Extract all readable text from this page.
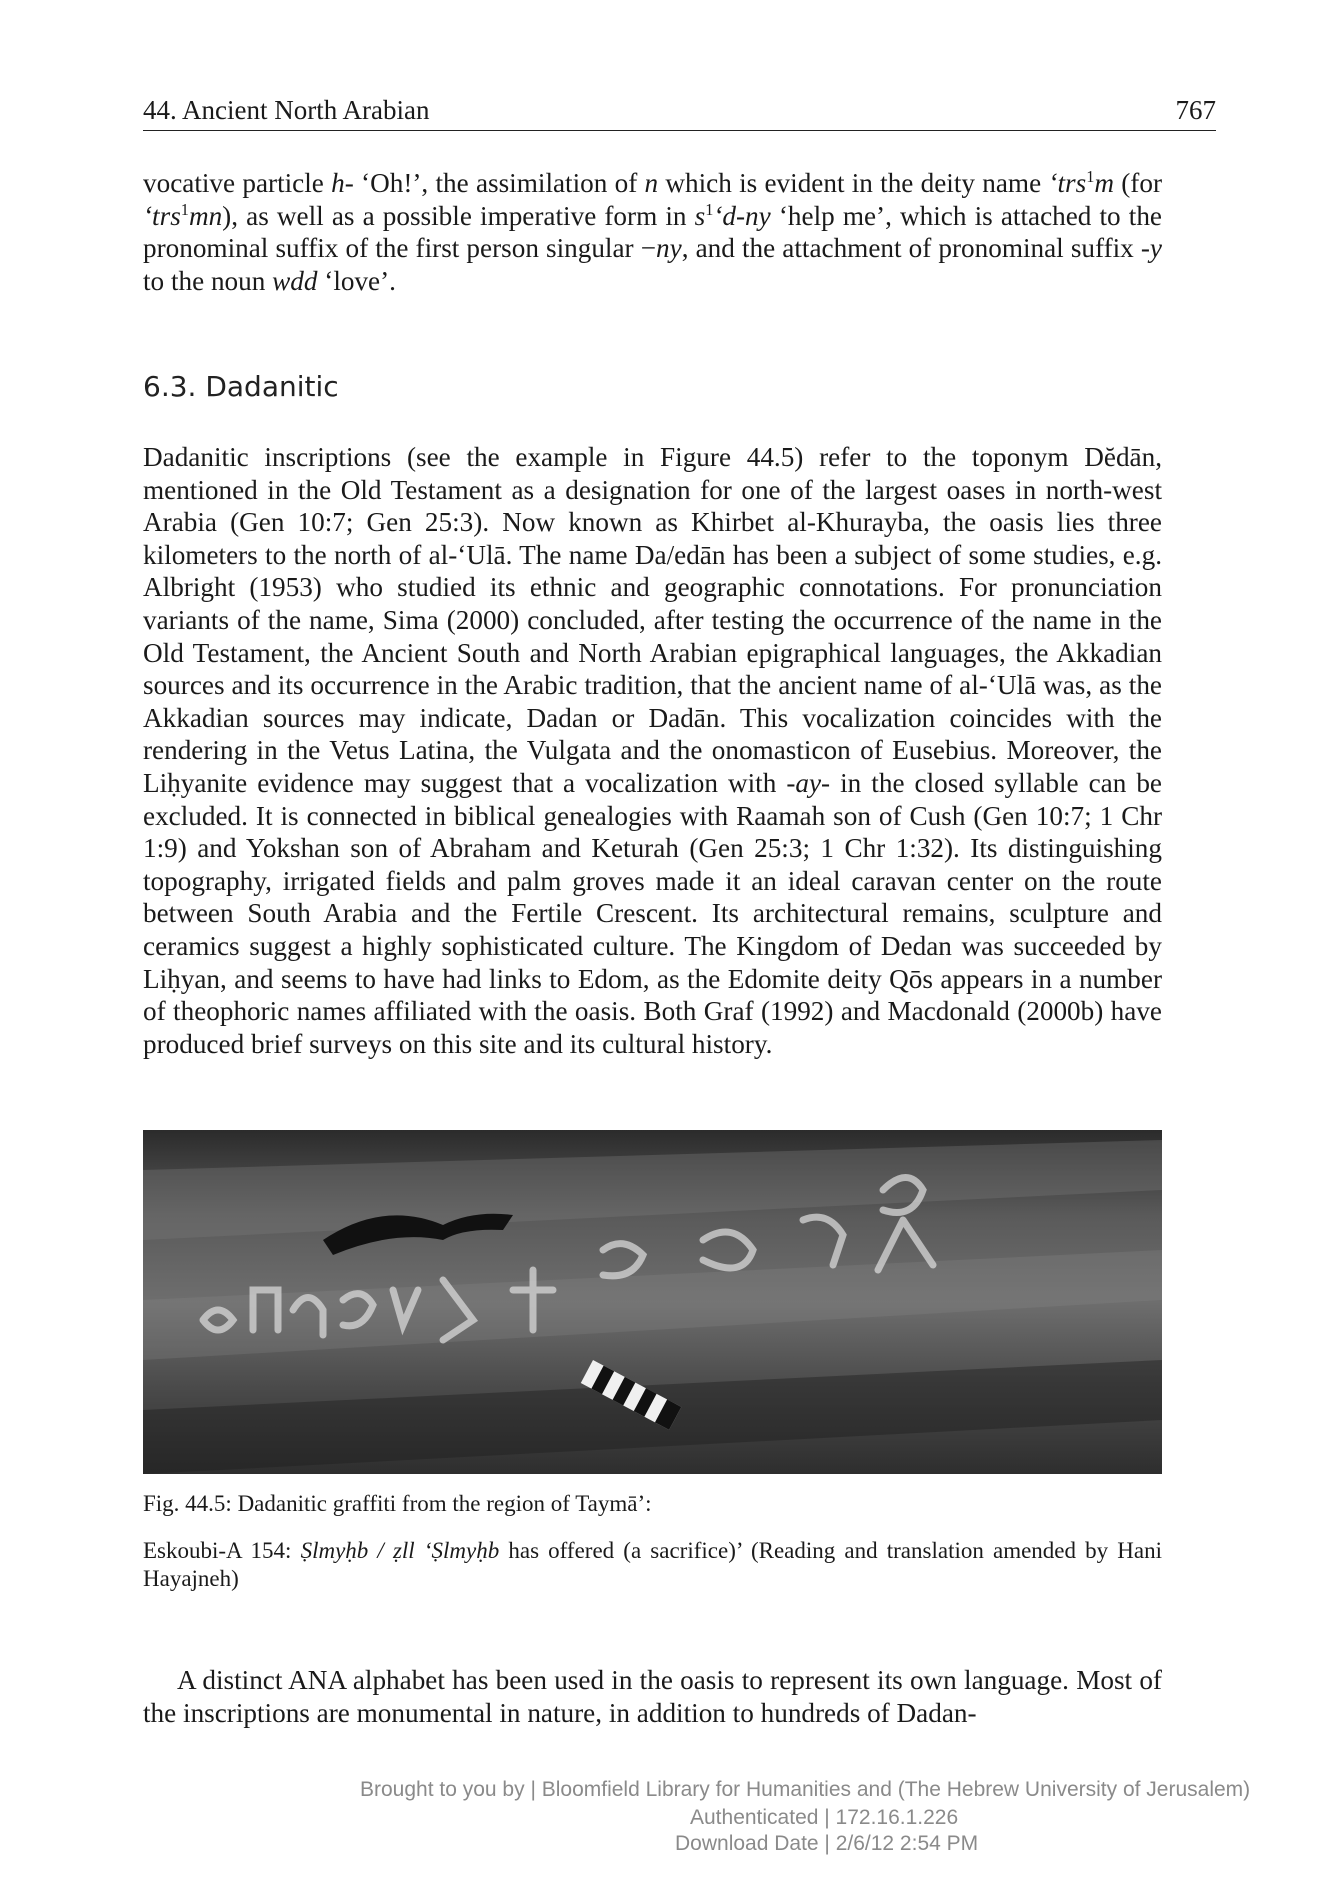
44. Ancient North Arabian	767

vocative particle h- ‘Oh!’, the assimilation of n which is evident in the deity name ‘trs$^1$m (for ‘trs$^1$mn), as well as a possible imperative form in $s^1‘d-ny$ ‘help me’, which is attached to the pronominal suffix of the first person singular −ny, and the attachment of pronominal suffix -y to the noun wdd ‘love’.

6.3. Dadanitic

Dadanitic inscriptions (see the example in Figure 44.5) refer to the toponym Dĕdān, mentioned in the Old Testament as a designation for one of the largest oases in north-west Arabia (Gen 10:7; Gen 25:3). Now known as Khirbet al-Khurayba, the oasis lies three kilometers to the north of al-‘Ulā. The name Da/edān has been a subject of some studies, e.g. Albright (1953) who studied its ethnic and geographic connotations. For pronunciation variants of the name, Sima (2000) concluded, after testing the occurrence of the name in the Old Testament, the Ancient South and North Arabian epigraphical languages, the Akkadian sources and its occurrence in the Arabic tradition, that the ancient name of al-‘Ulā was, as the Akkadian sources may indicate, Dadan or Dadān. This vocalization coincides with the rendering in the Vetus Latina, the Vulgata and the onomasticon of Eusebius. Moreover, the Liḥyanite evidence may suggest that a vocalization with -ay- in the closed syllable can be excluded. It is connected in biblical genealogies with Raamah son of Cush (Gen 10:7; 1 Chr 1:9) and Yokshan son of Abraham and Keturah (Gen 25:3; 1 Chr 1:32). Its distinguishing topography, irrigated fields and palm groves made it an ideal caravan center on the route between South Arabia and the Fertile Crescent. Its architectural remains, sculpture and ceramics suggest a highly sophisticated culture. The Kingdom of Dedan was succeeded by Liḥyan, and seems to have had links to Edom, as the Edomite deity Qōs appears in a number of theophoric names affiliated with the oasis. Both Graf (1992) and Macdonald (2000b) have produced brief surveys on this site and its cultural history.

Fig. 44.5: Dadanitic graffiti from the region of Taymā’:

Eskoubi-A 154: Ṣlmyḥb / ẓll ‘Ṣlmyḥb has offered (a sacrifice)’ (Reading and translation amended by Hani Hayajneh)

A distinct ANA alphabet has been used in the oasis to represent its own language. Most of the inscriptions are monumental in nature, in addition to hundreds of Dadan-

Brought to you by | Bloomfield Library for Humanities and (The Hebrew University of Jerusalem)
Authenticated | 172.16.1.226
Download Date | 2/6/12 2:54 PM
